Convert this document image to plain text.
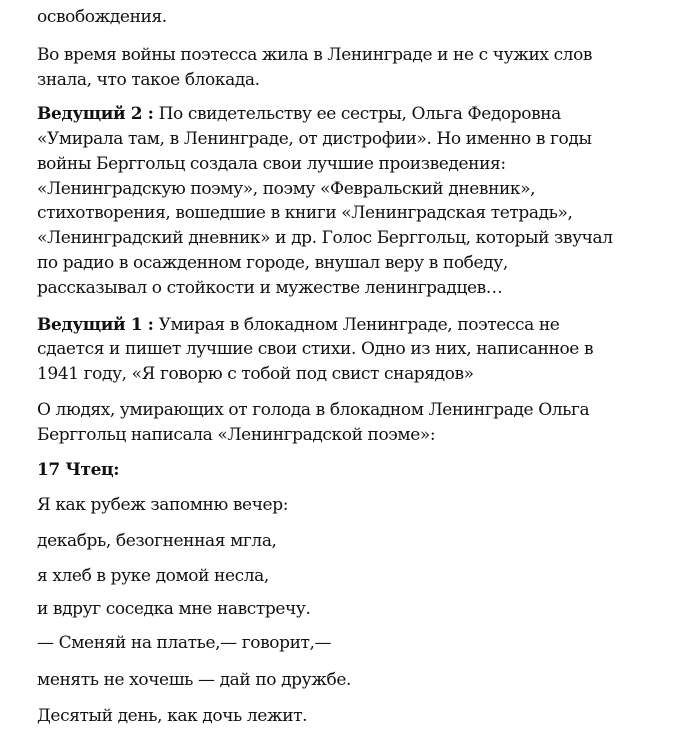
освобождения.
Во время войны поэтесса жила в Ленинграде и не с чужих слов
знала, что такое блокада.
Ведущий 2 : По свидетельству ее сестры, Ольга Федоровна
«Умирала там, в Ленинграде, от дистрофии». Но именно в годы
войны Берггольц создала свои лучшие произведения:
«Ленинградскую поэму», поэму «Февральский дневник»,
стихотворения, вошедшие в книги «Ленинградская тетрадь»,
«Ленинградский дневник» и др. Голос Берггольц, который звучал
по радио в осажденном городе, внушал веру в победу,
рассказывал о стойкости и мужестве ленинградцев…
Ведущий 1 : Умирая в блокадном Ленинграде, поэтесса не
сдается и пишет лучшие свои стихи. Одно из них, написанное в
1941 году, «Я говорю с тобой под свист снарядов»
О людях, умирающих от голода в блокадном Ленинграде Ольга
Берггольц написала «Ленинградской поэме»:
17 Чтец:
Я как рубеж запомню вечер:
декабрь, безогненная мгла,
я хлеб в руке домой несла,
и вдруг соседка мне навстречу.
— Сменяй на платье,— говорит,—
менять не хочешь — дай по дружбе.
Десятый день, как дочь лежит.
